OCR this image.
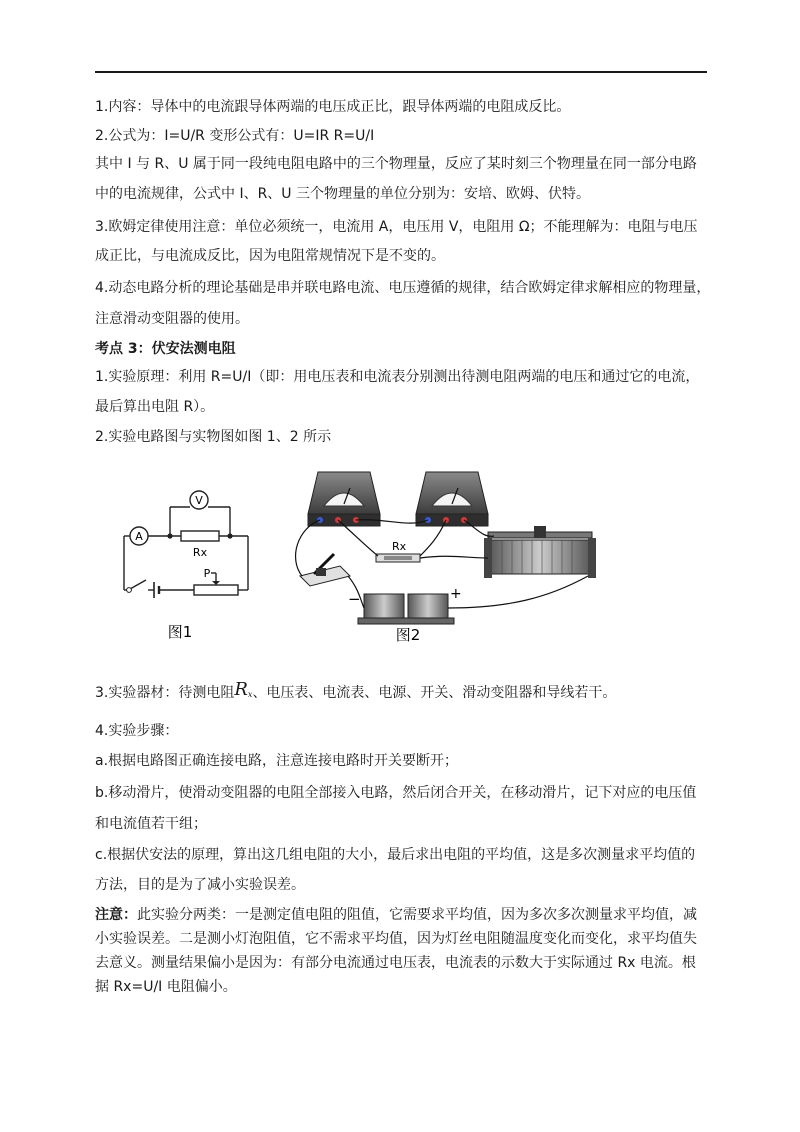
1.内容：导体中的电流跟导体两端的电压成正比，跟导体两端的电阻成反比。
2.公式为：I=U/R 变形公式有：U=IR R=U/I
其中 I 与 R、U 属于同一段纯电阻电路中的三个物理量，反应了某时刻三个物理量在同一部分电路
中的电流规律，公式中 I、R、U 三个物理量的单位分别为：安培、欧姆、伏特。
3.欧姆定律使用注意：单位必须统一，电流用 A，电压用 V，电阻用 Ω；不能理解为：电阻与电压
成正比，与电流成反比，因为电阻常规情况下是不变的。
4.动态电路分析的理论基础是串并联电路电流、电压遵循的规律，结合欧姆定律求解相应的物理量，
注意滑动变阻器的使用。
考点 3：伏安法测电阻
1.实验原理：利用 R=U/I（即：用电压表和电流表分别测出待测电阻两端的电压和通过它的电流，
最后算出电阻 R）。
2.实验电路图与实物图如图 1、2 所示
V
A
Rx
P
图1
Rx
−	+
图2
3.实验器材：待测电阻Rx、电压表、电流表、电源、开关、滑动变阻器和导线若干。
4.实验步骤：
a.根据电路图正确连接电路，注意连接电路时开关要断开；
b.移动滑片，使滑动变阻器的电阻全部接入电路，然后闭合开关，在移动滑片，记下对应的电压值
和电流值若干组；
c.根据伏安法的原理，算出这几组电阻的大小，最后求出电阻的平均值，这是多次测量求平均值的
方法，目的是为了减小实验误差。
注意：此实验分两类：一是测定值电阻的阻值，它需要求平均值，因为多次多次测量求平均值，减
小实验误差。二是测小灯泡阻值，它不需求平均值，因为灯丝电阻随温度变化而变化，求平均值失
去意义。测量结果偏小是因为：有部分电流通过电压表，电流表的示数大于实际通过 Rx 电流。根
据 Rx=U/I 电阻偏小。
